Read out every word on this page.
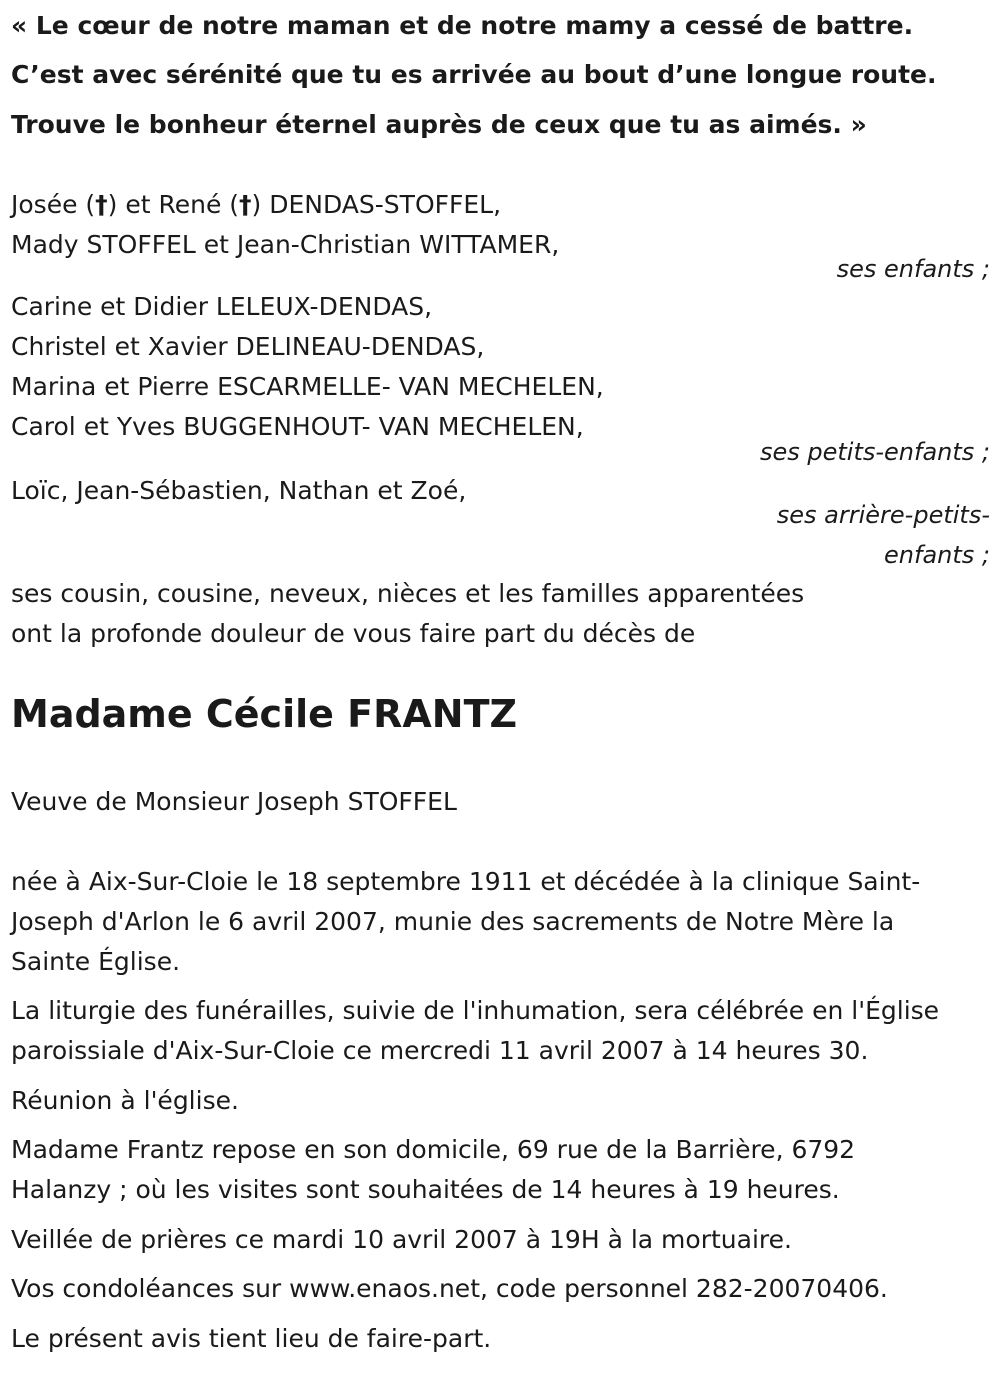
« Le cœur de notre maman et de notre mamy a cessé de battre.
C’est avec sérénité que tu es arrivée au bout d’une longue route.
Trouve le bonheur éternel auprès de ceux que tu as aimés. »
Josée (†) et René (†) DENDAS-STOFFEL,
Mady STOFFEL et Jean-Christian WITTAMER,
ses enfants ;
Carine et Didier LELEUX-DENDAS,
Christel et Xavier DELINEAU-DENDAS,
Marina et Pierre ESCARMELLE- VAN MECHELEN,
Carol et Yves BUGGENHOUT- VAN MECHELEN,
ses petits-enfants ;
Loïc, Jean-Sébastien, Nathan et Zoé,
ses arrière-petits-
enfants ;
ses cousin, cousine, neveux, nièces et les familles apparentées
ont la profonde douleur de vous faire part du décès de
Madame Cécile FRANTZ
Veuve de Monsieur Joseph STOFFEL
née à Aix-Sur-Cloie le 18 septembre 1911 et décédée à la clinique Saint-
Joseph d'Arlon le 6 avril 2007, munie des sacrements de Notre Mère la
Sainte Église.
La liturgie des funérailles, suivie de l'inhumation, sera célébrée en l'Église
paroissiale d'Aix-Sur-Cloie ce mercredi 11 avril 2007 à 14 heures 30.
Réunion à l'église.
Madame Frantz repose en son domicile, 69 rue de la Barrière, 6792
Halanzy ; où les visites sont souhaitées de 14 heures à 19 heures.
Veillée de prières ce mardi 10 avril 2007 à 19H à la mortuaire.
Vos condoléances sur www.enaos.net, code personnel 282-20070406.
Le présent avis tient lieu de faire-part.
